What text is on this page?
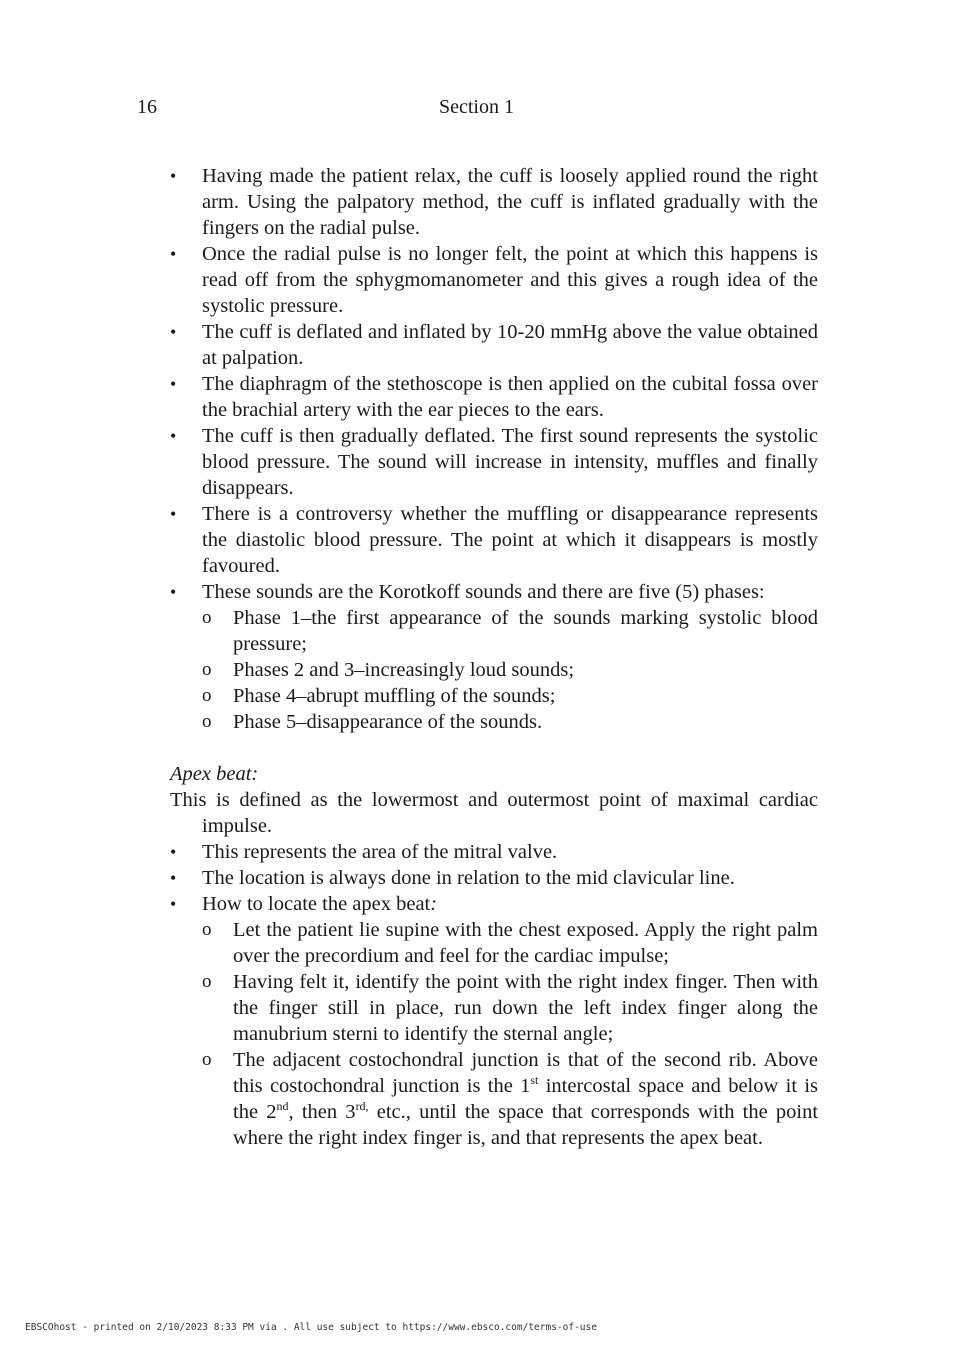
16	Section 1
• Having made the patient relax, the cuff is loosely applied round the right arm. Using the palpatory method, the cuff is inflated gradually with the fingers on the radial pulse.
• Once the radial pulse is no longer felt, the point at which this happens is read off from the sphygmomanometer and this gives a rough idea of the systolic pressure.
• The cuff is deflated and inflated by 10-20 mmHg above the value obtained at palpation.
• The diaphragm of the stethoscope is then applied on the cubital fossa over the brachial artery with the ear pieces to the ears.
• The cuff is then gradually deflated. The first sound represents the systolic blood pressure. The sound will increase in intensity, muffles and finally disappears.
• There is a controversy whether the muffling or disappearance represents the diastolic blood pressure. The point at which it disappears is mostly favoured.
• These sounds are the Korotkoff sounds and there are five (5) phases:
o Phase 1–the first appearance of the sounds marking systolic blood pressure;
o Phases 2 and 3–increasingly loud sounds;
o Phase 4–abrupt muffling of the sounds;
o Phase 5–disappearance of the sounds.
Apex beat:
This is defined as the lowermost and outermost point of maximal cardiac impulse.
• This represents the area of the mitral valve.
• The location is always done in relation to the mid clavicular line.
• How to locate the apex beat:
o Let the patient lie supine with the chest exposed. Apply the right palm over the precordium and feel for the cardiac impulse;
o Having felt it, identify the point with the right index finger. Then with the finger still in place, run down the left index finger along the manubrium sterni to identify the sternal angle;
o The adjacent costochondral junction is that of the second rib. Above this costochondral junction is the 1st intercostal space and below it is the 2nd, then $3^{rd,}$ etc., until the space that corresponds with the point where the right index finger is, and that represents the apex beat.
EBSCOhost - printed on 2/10/2023 8:33 PM via . All use subject to https://www.ebsco.com/terms-of-use
